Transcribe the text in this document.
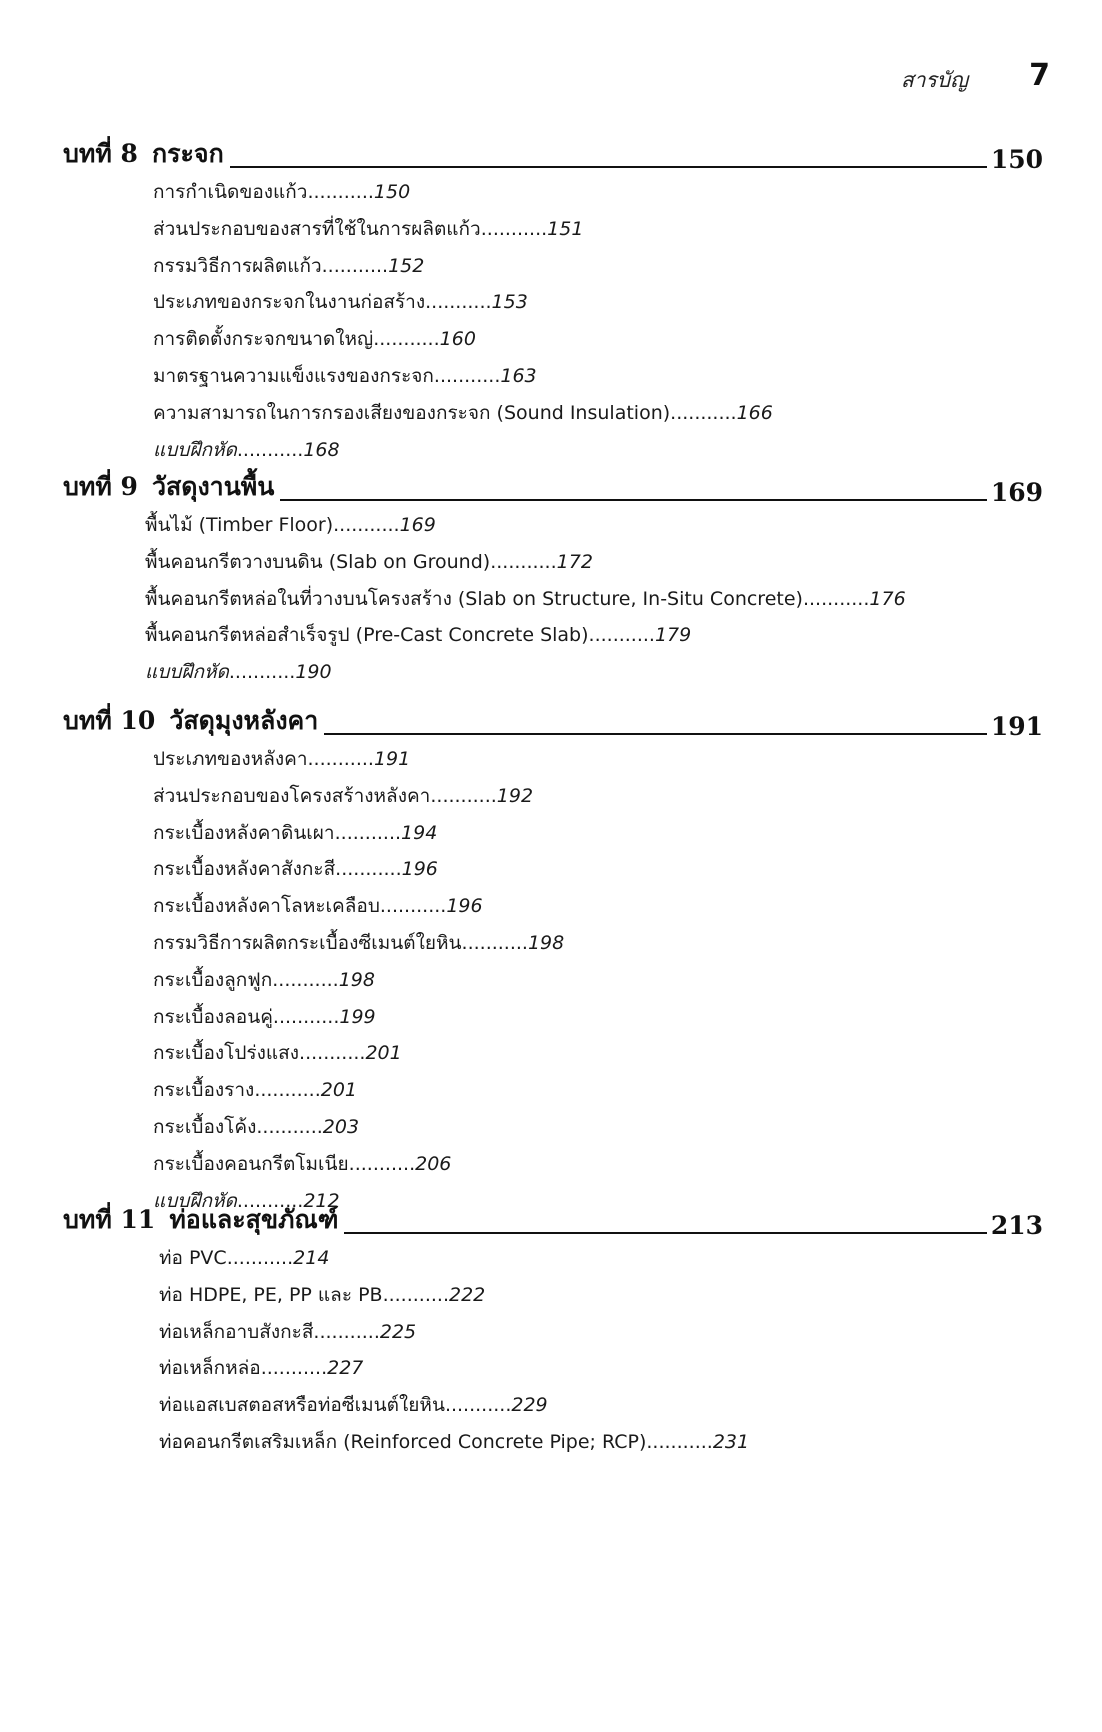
สารบัญ 7
บทที่ 8 กระจก	150
การกำเนิดของแก้ว...........150
ส่วนประกอบของสารที่ใช้ในการผลิตแก้ว...........151
กรรมวิธีการผลิตแก้ว...........152
ประเภทของกระจกในงานก่อสร้าง...........153
การติดตั้งกระจกขนาดใหญ่...........160
มาตรฐานความแข็งแรงของกระจก...........163
ความสามารถในการกรองเสียงของกระจก (Sound Insulation)...........166
แบบฝึกหัด...........168
บทที่ 9 วัสดุงานพื้น	169
พื้นไม้ (Timber Floor)...........169
พื้นคอนกรีตวางบนดิน (Slab on Ground)...........172
พื้นคอนกรีตหล่อในที่วางบนโครงสร้าง (Slab on Structure, In-Situ Concrete)...........176
พื้นคอนกรีตหล่อสำเร็จรูป (Pre-Cast Concrete Slab)...........179
แบบฝึกหัด...........190
บทที่ 10 วัสดุมุงหลังคา	191
ประเภทของหลังคา...........191
ส่วนประกอบของโครงสร้างหลังคา...........192
กระเบื้องหลังคาดินเผา...........194
กระเบื้องหลังคาสังกะสี...........196
กระเบื้องหลังคาโลหะเคลือบ...........196
กรรมวิธีการผลิตกระเบื้องซีเมนต์ใยหิน...........198
กระเบื้องลูกฟูก...........198
กระเบื้องลอนคู่...........199
กระเบื้องโปร่งแสง...........201
กระเบื้องราง...........201
กระเบื้องโค้ง...........203
กระเบื้องคอนกรีตโมเนีย...........206
แบบฝึกหัด...........212
บทที่ 11 ท่อและสุขภัณฑ์	213
ท่อ PVC...........214
ท่อ HDPE, PE, PP และ PB...........222
ท่อเหล็กอาบสังกะสี...........225
ท่อเหล็กหล่อ...........227
ท่อแอสเบสตอสหรือท่อซีเมนต์ใยหิน...........229
ท่อคอนกรีตเสริมเหล็ก (Reinforced Concrete Pipe; RCP)...........231
